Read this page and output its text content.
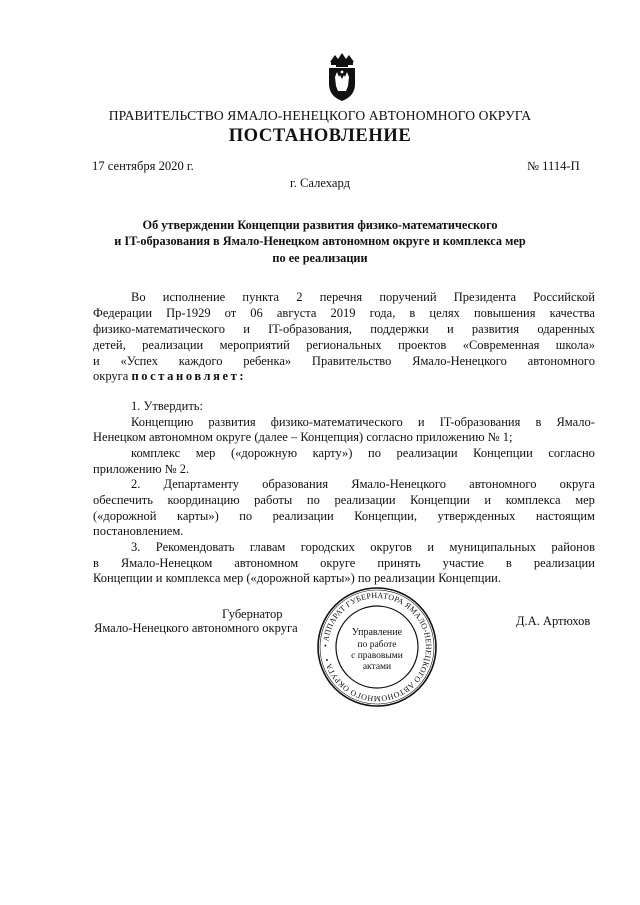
ПРАВИТЕЛЬСТВО ЯМАЛО-НЕНЕЦКОГО АВТОНОМНОГО ОКРУГА
ПОСТАНОВЛЕНИЕ
17 сентября 2020 г.	№ 1114-П
г. Салехард
Об утверждении Концепции развития физико-математического
и IT-образования в Ямало-Ненецком автономном округе и комплекса мер
по ее реализации
Во исполнение пункта 2 перечня поручений Президента Российской
Федерации Пр-1929 от 06 августа 2019 года, в целях повышения качества
физико-математического и IT-образования, поддержки и развития одаренных
детей, реализации мероприятий региональных проектов «Современная школа»
и «Успех каждого ребенка» Правительство Ямало-Ненецкого автономного
округа постановляет:
1. Утвердить:
Концепцию развития физико-математического и IT-образования в Ямало-
Ненецком автономном округе (далее – Концепция) согласно приложению № 1;
комплекс мер («дорожную карту») по реализации Концепции согласно
приложению № 2.
2. Департаменту образования Ямало-Ненецкого автономного округа
обеспечить координацию работы по реализации Концепции и комплекса мер
(«дорожной карты») по реализации Концепции, утвержденных настоящим
постановлением.
3. Рекомендовать главам городских округов и муниципальных районов
в Ямало-Ненецком автономном округе принять участие в реализации
Концепции и комплекса мер («дорожной карты») по реализации Концепции.
Губернатор
Ямало-Ненецкого автономного округа	Д.А. Артюхов
• АППАРАТ ГУБЕРНАТОРА ЯМАЛО-НЕНЕЦКОГО АВТОНОМНОГО ОКРУГА •
Управление
по работе
с правовыми
актами
